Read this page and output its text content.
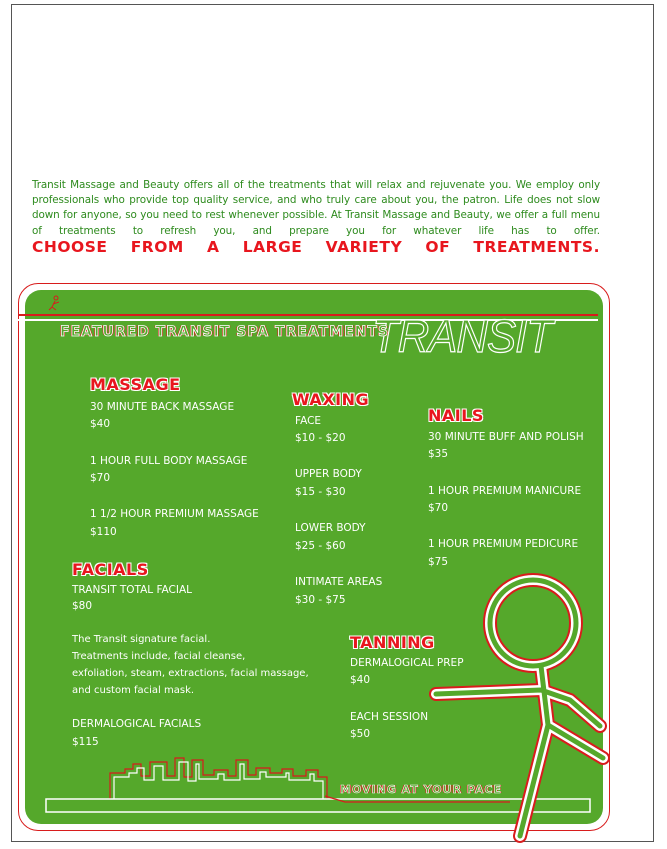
Transit Massage and Beauty offers all of the treatments that will relax and rejuvenate you. We employ only professionals who provide top quality service, and who truly care about you, the patron. Life does not slow down for anyone, so you need to rest whenever possible. At Transit Massage and Beauty, we offer a full menu of treatments to refresh you, and prepare you for whatever life has to offer.

CHOOSE FROM A LARGE VARIETY OF TREATMENTS.
TRANSIT
FEATURED TRANSIT SPA TREATMENTS
MASSAGE
30 MINUTE BACK MASSAGE
$40
1 HOUR FULL BODY MASSAGE
$70
1 1/2 HOUR PREMIUM MASSAGE
$110
WAXING
FACE
$10 - $20
UPPER BODY
$15 - $30
LOWER BODY
$25 - $60
INTIMATE AREAS
$30 - $75
NAILS
30 MINUTE BUFF AND POLISH
$35
1 HOUR PREMIUM MANICURE
$70
1 HOUR PREMIUM PEDICURE
$75
FACIALS
TRANSIT TOTAL FACIAL
$80
The Transit signature facial.
Treatments include, facial cleanse,
exfoliation, steam, extractions, facial massage,
and custom facial mask.
DERMALOGICAL FACIALS
$115
TANNING
DERMALOGICAL PREP
$40
EACH SESSION
$50
MOVING AT YOUR PACE
